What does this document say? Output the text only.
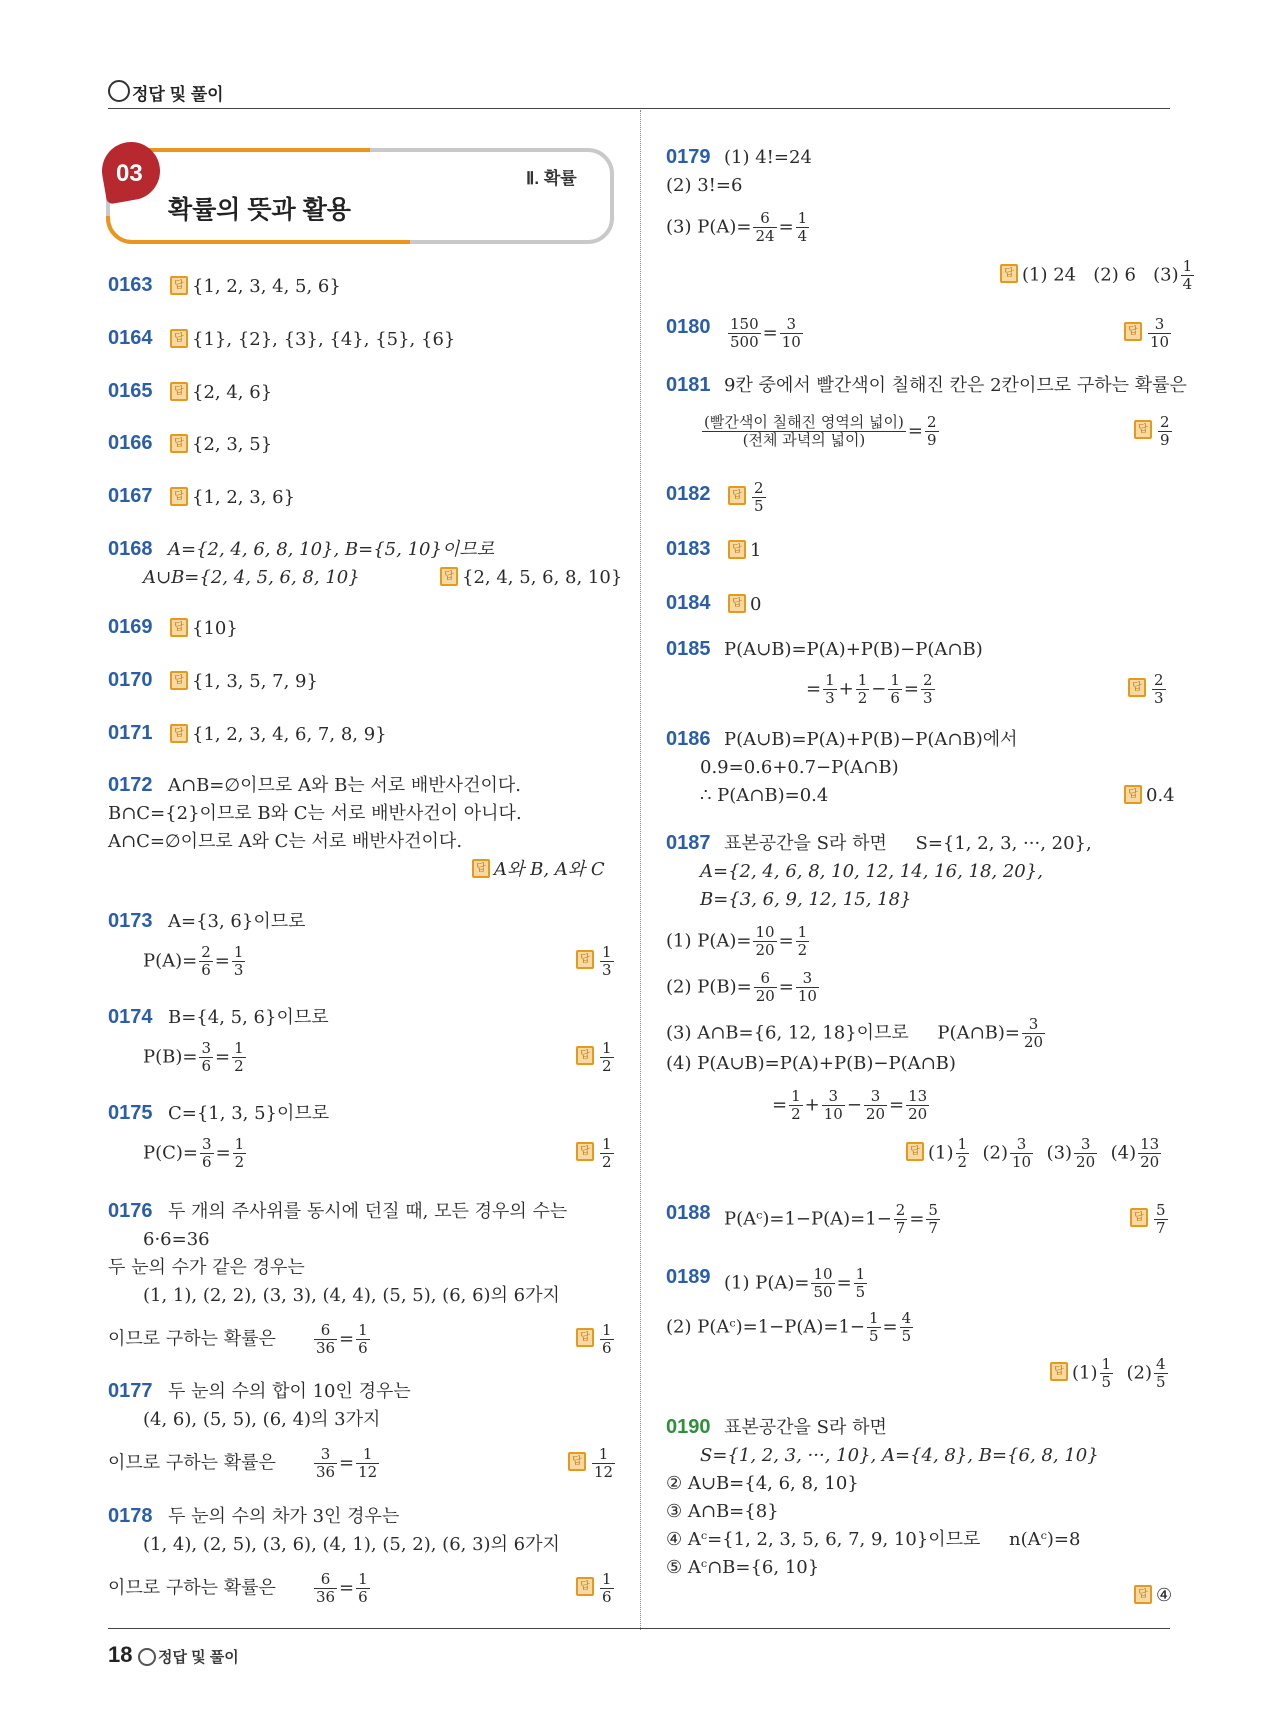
정답 및 풀이
03	Ⅱ. 확률
확률의 뜻과 활용
0163	답 {1, 2, 3, 4, 5, 6}
0164	답 {1}, {2}, {3}, {4}, {5}, {6}
0165	답 {2, 4, 6}
0166	답 {2, 3, 5}
0167	답 {1, 2, 3, 6}
0168 A={2, 4, 6, 8, 10}, B={5, 10}이므로
A∪B={2, 4, 5, 6, 8, 10}	답 {2, 4, 5, 6, 8, 10}
0169	답 {10}
0170	답 {1, 3, 5, 7, 9}
0171	답 {1, 2, 3, 4, 6, 7, 8, 9}
0172 A∩B=∅이므로 A와 B는 서로 배반사건이다.
B∩C={2}이므로 B와 C는 서로 배반사건이 아니다.
A∩C=∅이므로 A와 C는 서로 배반사건이다.
답 A와 B, A와 C
0173 A={3, 6}이므로
$P(A)= \frac{2}{6} = \frac{1}{3}$	답 $\frac{1}{3}$
0174 B={4, 5, 6}이므로
$P(B)= \frac{3}{6} = \frac{1}{2}$	답 $\frac{1}{2}$
0175 C={1, 3, 5}이므로
$P(C)= \frac{3}{6} = \frac{1}{2}$	답 $\frac{1}{2}$
0176 두 개의 주사위를 동시에 던질 때, 모든 경우의 수는
6·6=36
두 눈의 수가 같은 경우는
(1, 1), (2, 2), (3, 3), (4, 4), (5, 5), (6, 6)의 6가지
이므로 구하는 확률은	$\frac{6}{36} = \frac{1}{6}$	답 $\frac{1}{6}$
0177 두 눈의 수의 합이 10인 경우는
(4, 6), (5, 5), (6, 4)의 3가지
이므로 구하는 확률은	$\frac{3}{36} = \frac{1}{12}$	답 $\frac{1}{12}$
0178 두 눈의 수의 차가 3인 경우는
(1, 4), (2, 5), (3, 6), (4, 1), (5, 2), (6, 3)의 6가지
이므로 구하는 확률은	$\frac{6}{36} = \frac{1}{6}$	답 $\frac{1}{6}$
0179 (1) 4!=24
(2) 3!=6
(3) $P(A)= \frac{6}{24} = \frac{1}{4}$
답 (1) 24   (2) 6   $(3) \frac{1}{4}$
$0180 \frac{150}{500} = \frac{3}{10}$	답 $\frac{3}{10}$
0181 9칸 중에서 빨간색이 칠해진 칸은 2칸이므로 구하는 확률은
$\frac{\text{(빨간색이 칠해진 영역의 넓이)}}{\text{(전체 과녁의 넓이)}} = \frac{2}{9}$	답 $\frac{2}{9}$
0182	답 $\frac{2}{5}$
0183	답 1
0184	답 0
0185 P(A∪B)=P(A)+P(B)−P(A∩B)
= $\frac{1}{3} + \frac{1}{2} - \frac{1}{6} = \frac{2}{3}$	답 $\frac{2}{3}$
0186 P(A∪B)=P(A)+P(B)−P(A∩B)에서
0.9=0.6+0.7−P(A∩B)
∴ P(A∩B)=0.4	답 0.4
0187 표본공간을 S라 하면     S={1, 2, 3, ···, 20},
A={2, 4, 6, 8, 10, 12, 14, 16, 18, 20},
B={3, 6, 9, 12, 15, 18}
(1) $P(A)= \frac{10}{20} = \frac{1}{2}$
(2) $P(B)= \frac{6}{20} = \frac{3}{10}$
(3) A∩B={6, 12, 18}이므로     P(A∩B)= $\frac{3}{20}$
(4) P(A∪B)=P(A)+P(B)−P(A∩B)
= $\frac{1}{2} + \frac{3}{10} - \frac{3}{20} = \frac{13}{20}$
답 $(1) \frac{1}{2} (2) \frac{3}{10} (3) \frac{3}{20} (4) \frac{13}{20}$
0188 P(Aᶜ)=1−P(A)=1− $\frac{2}{7} = \frac{5}{7}$	답 $\frac{5}{7}$
0189 (1) $P(A)= \frac{10}{50} = \frac{1}{5}$
(2) P(Aᶜ)=1−P(A)=1− $\frac{1}{5} = \frac{4}{5}$
답 $(1) \frac{1}{5} (2) \frac{4}{5}$
0190 표본공간을 S라 하면
S={1, 2, 3, ···, 10}, A={4, 8}, B={6, 8, 10}
② A∪B={4, 6, 8, 10}
③ A∩B={8}
④ Aᶜ={1, 2, 3, 5, 6, 7, 9, 10}이므로     n(Aᶜ)=8
⑤ Aᶜ∩B={6, 10}
답 ④
18 정답 및 풀이
